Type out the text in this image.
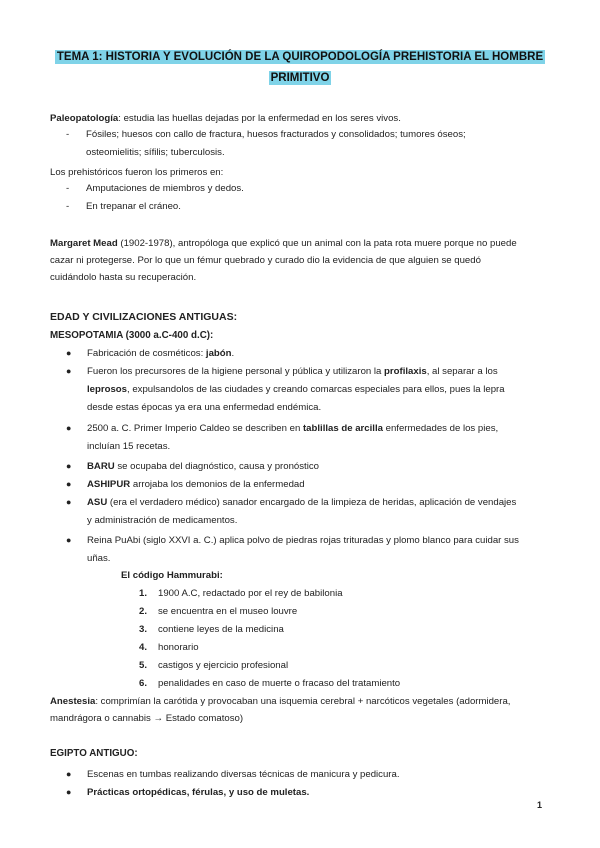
TEMA 1: HISTORIA Y EVOLUCIÓN DE LA QUIROPODOLOGÍA PREHISTORIA EL HOMBRE
PRIMITIVO
Paleopatología: estudia las huellas dejadas por la enfermedad en los seres vivos.
- Fósiles; huesos con callo de fractura, huesos fracturados y consolidados; tumores óseos;
osteomielitis; sífilis; tuberculosis.
Los prehistóricos fueron los primeros en:
- Amputaciones de miembros y dedos.
- En trepanar el cráneo.
Margaret Mead (1902-1978), antropóloga que explicó que un animal con la pata rota muere porque no puede
cazar ni protegerse. Por lo que un fémur quebrado y curado dio la evidencia de que alguien se quedó
cuidándolo hasta su recuperación.
EDAD Y CIVILIZACIONES ANTIGUAS:
MESOPOTAMIA (3000 a.C-400 d.C):
● Fabricación de cosméticos: jabón.
● Fueron los precursores de la higiene personal y pública y utilizaron la profilaxis, al separar a los
leprosos, expulsandolos de las ciudades y creando comarcas especiales para ellos, pues la lepra
desde estas épocas ya era una enfermedad endémica.
● 2500 a. C. Primer Imperio Caldeo se describen en tablillas de arcilla enfermedades de los pies,
incluían 15 recetas.
● BARU se ocupaba del diagnóstico, causa y pronóstico
● ASHIPUR arrojaba los demonios de la enfermedad
● ASU (era el verdadero médico) sanador encargado de la limpieza de heridas, aplicación de vendajes
y administración de medicamentos.
● Reina PuAbi (siglo XXVI a. C.) aplica polvo de piedras rojas trituradas y plomo blanco para cuidar sus
uñas.
El código Hammurabi:
1. 1900 A.C, redactado por el rey de babilonia
2. se encuentra en el museo louvre
3. contiene leyes de la medicina
4. honorario
5. castigos y ejercicio profesional
6. penalidades en caso de muerte o fracaso del tratamiento
Anestesia: comprimían la carótida y provocaban una isquemia cerebral + narcóticos vegetales (adormidera,
mandrágora o cannabis → Estado comatoso)
EGIPTO ANTIGUO:
● Escenas en tumbas realizando diversas técnicas de manicura y pedicura.
● Prácticas ortopédicas, férulas, y uso de muletas.
1
